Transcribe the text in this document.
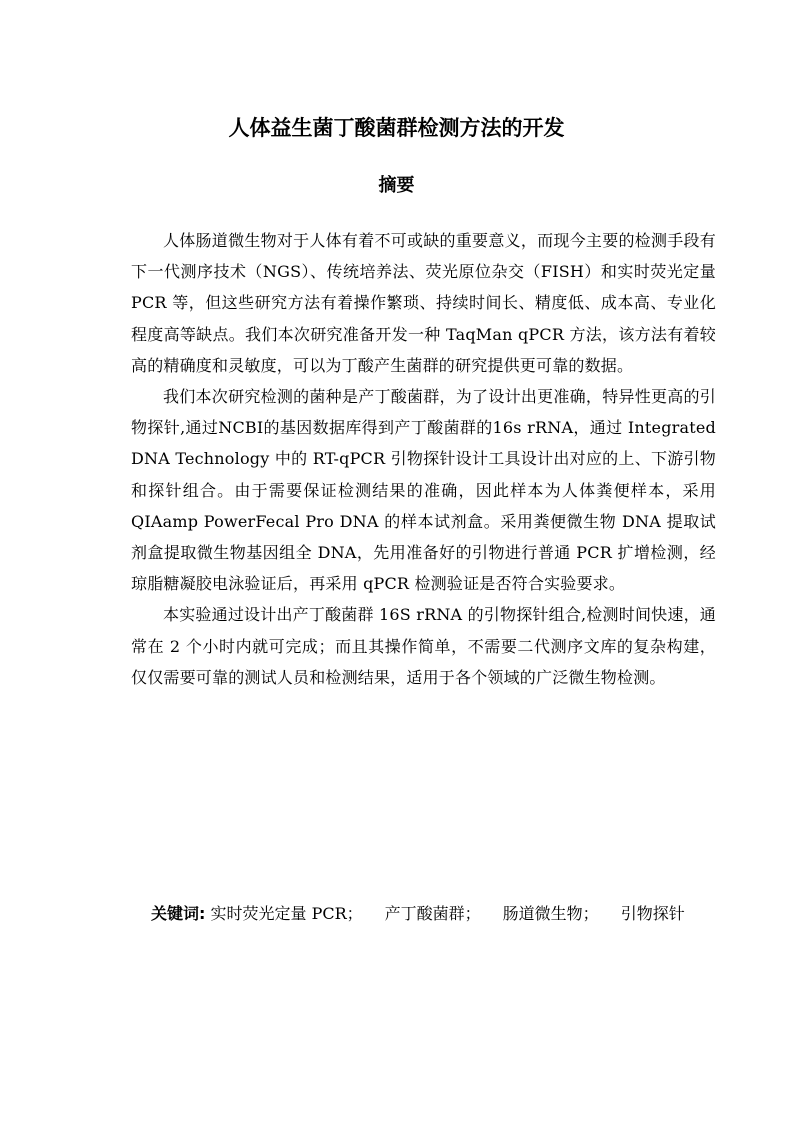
人体益生菌丁酸菌群检测方法的开发
摘要

人体肠道微生物对于人体有着不可或缺的重要意义，而现今主要的检测手段有下一代测序技术（NGS）、传统培养法、荧光原位杂交（FISH）和实时荧光定量 PCR 等，但这些研究方法有着操作繁琐、持续时间长、精度低、成本高、专业化程度高等缺点。我们本次研究准备开发一种 TaqMan qPCR 方法，该方法有着较高的精确度和灵敏度，可以为丁酸产生菌群的研究提供更可靠的数据。

我们本次研究检测的菌种是产丁酸菌群，为了设计出更准确，特异性更高的引物探针,通过NCBI的基因数据库得到产丁酸菌群的16s rRNA，通过 Integrated DNA Technology 中的 RT-qPCR 引物探针设计工具设计出对应的上、下游引物和探针组合。由于需要保证检测结果的准确，因此样本为人体粪便样本，采用 QIAamp PowerFecal Pro DNA 的样本试剂盒。采用粪便微生物 DNA 提取试剂盒提取微生物基因组全 DNA，先用准备好的引物进行普通 PCR 扩增检测，经琼脂糖凝胶电泳验证后，再采用 qPCR 检测验证是否符合实验要求。

本实验通过设计出产丁酸菌群 16S rRNA 的引物探针组合,检测时间快速，通常在 2 个小时内就可完成；而且其操作简单，不需要二代测序文库的复杂构建，仅仅需要可靠的测试人员和检测结果，适用于各个领域的广泛微生物检测。

关键词: 实时荧光定量 PCR； 产丁酸菌群； 肠道微生物； 引物探针
